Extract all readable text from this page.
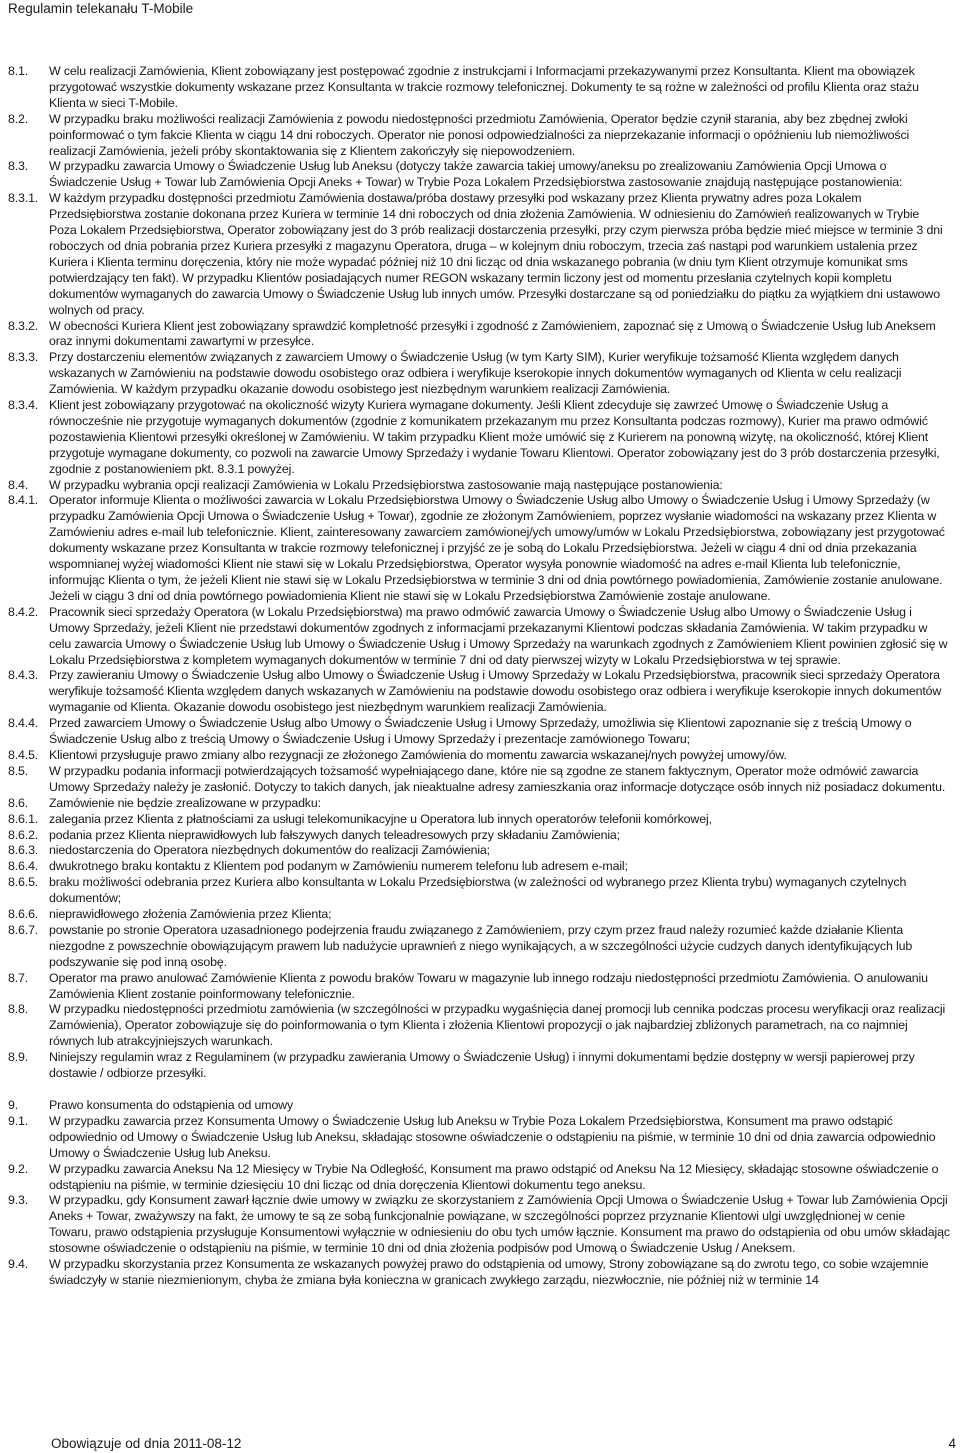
Regulamin telekanału T-Mobile
8.1.	W celu realizacji Zamówienia, Klient zobowiązany jest postępować zgodnie z instrukcjami i Informacjami przekazywanymi przez Konsultanta. Klient ma obowiązek przygotować wszystkie dokumenty wskazane przez Konsultanta w trakcie rozmowy telefonicznej. Dokumenty te są rożne w zależności od profilu Klienta oraz stażu Klienta w sieci T-Mobile.
8.2.	W przypadku braku możliwości realizacji Zamówienia z powodu niedostępności przedmiotu Zamówienia, Operator będzie czynił starania, aby bez zbędnej zwłoki poinformować o tym fakcie Klienta w ciągu 14 dni roboczych. Operator nie ponosi odpowiedzialności za nieprzekazanie informacji o opóźnieniu lub niemożliwości realizacji Zamówienia, jeżeli próby skontaktowania się z Klientem zakończyły się niepowodzeniem.
8.3.	W przypadku zawarcia Umowy o Świadczenie Usług lub Aneksu (dotyczy także zawarcia takiej umowy/aneksu po zrealizowaniu Zamówienia Opcji Umowa o Świadczenie Usług + Towar lub Zamówienia Opcji Aneks + Towar) w Trybie Poza Lokalem Przedsiębiorstwa zastosowanie znajdują następujące postanowienia:
8.3.1. W każdym przypadku dostępności przedmiotu Zamówienia dostawa/próba dostawy przesyłki pod wskazany przez Klienta prywatny adres poza Lokalem Przedsiębiorstwa zostanie dokonana przez Kuriera w terminie 14 dni roboczych od dnia złożenia Zamówienia. W odniesieniu do Zamówień realizowanych w Trybie Poza Lokalem Przedsiębiorstwa, Operator zobowiązany jest do 3 prób realizacji dostarczenia przesyłki, przy czym pierwsza próba będzie mieć miejsce w terminie 3 dni roboczych od dnia pobrania przez Kuriera przesyłki z magazynu Operatora, druga – w kolejnym dniu roboczym, trzecia zaś nastąpi pod warunkiem ustalenia przez Kuriera i Klienta terminu doręczenia, który nie może wypadać później niż 10 dni licząc od dnia wskazanego pobrania (w dniu tym Klient otrzymuje komunikat sms potwierdzający ten fakt). W przypadku Klientów posiadających numer REGON wskazany termin liczony jest od momentu przesłania czytelnych kopii kompletu dokumentów wymaganych do zawarcia Umowy o Świadczenie Usług lub innych umów. Przesyłki dostarczane są od poniedziałku do piątku za wyjątkiem dni ustawowo wolnych od pracy.
8.3.2. W obecności Kuriera Klient jest zobowiązany sprawdzić kompletność przesyłki i zgodność z Zamówieniem, zapoznać się z Umową o Świadczenie Usług lub Aneksem oraz innymi dokumentami zawartymi w przesyłce.
8.3.3. Przy dostarczeniu elementów związanych z zawarciem Umowy o Świadczenie Usług (w tym Karty SIM), Kurier weryfikuje tożsamość Klienta względem danych wskazanych w Zamówieniu na podstawie dowodu osobistego oraz odbiera i weryfikuje kserokopie innych dokumentów wymaganych od Klienta w celu realizacji Zamówienia. W każdym przypadku okazanie dowodu osobistego jest niezbędnym warunkiem realizacji Zamówienia.
8.3.4. Klient jest zobowiązany przygotować na okoliczność wizyty Kuriera wymagane dokumenty. Jeśli Klient zdecyduje się zawrzeć Umowę o Świadczenie Usług a równocześnie nie przygotuje wymaganych dokumentów (zgodnie z komunikatem przekazanym mu przez Konsultanta podczas rozmowy), Kurier ma prawo odmówić pozostawienia Klientowi przesyłki określonej w Zamówieniu. W takim przypadku Klient może umówić się z Kurierem na ponowną wizytę, na okoliczność, której Klient przygotuje wymagane dokumenty, co pozwoli na zawarcie Umowy Sprzedaży i wydanie Towaru Klientowi. Operator zobowiązany jest do 3 prób dostarczenia przesyłki, zgodnie z postanowieniem pkt. 8.3.1 powyżej.
8.4.	W przypadku wybrania opcji realizacji Zamówienia w Lokalu Przedsiębiorstwa zastosowanie mają następujące postanowienia:
8.4.1. Operator informuje Klienta o możliwości zawarcia w Lokalu Przedsiębiorstwa Umowy o Świadczenie Usług albo Umowy o Świadczenie Usług i Umowy Sprzedaży (w przypadku Zamówienia Opcji Umowa o Świadczenie Usług + Towar), zgodnie ze złożonym Zamówieniem, poprzez wysłanie wiadomości na wskazany przez Klienta w Zamówieniu adres e-mail lub telefonicznie. Klient, zainteresowany zawarciem zamówionej/ych umowy/umów w Lokalu Przedsiębiorstwa, zobowiązany jest przygotować dokumenty wskazane przez Konsultanta w trakcie rozmowy telefonicznej i przyjść ze je sobą do Lokalu Przedsiębiorstwa. Jeżeli w ciągu 4 dni od dnia przekazania wspomnianej wyżej wiadomości Klient nie stawi się w Lokalu Przedsiębiorstwa, Operator wysyła ponownie wiadomość na adres e-mail Klienta lub telefonicznie, informując Klienta o tym, że jeżeli Klient nie stawi się w Lokalu Przedsiębiorstwa w terminie 3 dni od dnia powtórnego powiadomienia, Zamówienie zostanie anulowane. Jeżeli w ciągu 3 dni od dnia powtórnego powiadomienia Klient nie stawi się w Lokalu Przedsiębiorstwa Zamówienie zostaje anulowane.
8.4.2. Pracownik sieci sprzedaży Operatora (w Lokalu Przedsiębiorstwa) ma prawo odmówić zawarcia Umowy o Świadczenie Usług albo Umowy o Świadczenie Usług i Umowy Sprzedaży, jeżeli Klient nie przedstawi dokumentów zgodnych z informacjami przekazanymi Klientowi podczas składania Zamówienia. W takim przypadku w celu zawarcia Umowy o Świadczenie Usług lub Umowy o Świadczenie Usług i Umowy Sprzedaży na warunkach zgodnych z Zamówieniem Klient powinien zgłosić się w Lokalu Przedsiębiorstwa z kompletem wymaganych dokumentów w terminie 7 dni od daty pierwszej wizyty w Lokalu Przedsiębiorstwa w tej sprawie.
8.4.3. Przy zawieraniu Umowy o Świadczenie Usług albo Umowy o Świadczenie Usług i Umowy Sprzedaży w Lokalu Przedsiębiorstwa, pracownik sieci sprzedaży Operatora weryfikuje tożsamość Klienta względem danych wskazanych w Zamówieniu na podstawie dowodu osobistego oraz odbiera i weryfikuje kserokopie innych dokumentów wymaganie od Klienta. Okazanie dowodu osobistego jest niezbędnym warunkiem realizacji Zamówienia.
8.4.4. Przed zawarciem Umowy o Świadczenie Usług albo Umowy o Świadczenie Usług i Umowy Sprzedaży, umożliwia się Klientowi zapoznanie się z treścią Umowy o Świadczenie Usług albo z treścią Umowy o Świadczenie Usług i Umowy Sprzedaży i prezentacje zamówionego Towaru;
8.4.5. Klientowi przysługuje prawo zmiany albo rezygnacji ze złożonego Zamówienia do momentu zawarcia wskazanej/nych powyżej umowy/ów.
8.5.	W przypadku podania informacji potwierdzających tożsamość wypełniającego dane, które nie są zgodne ze stanem faktycznym, Operator może odmówić zawarcia Umowy Sprzedaży należy je zasłonić. Dotyczy to takich danych, jak nieaktualne adresy zamieszkania oraz informacje dotyczące osób innych niż posiadacz dokumentu.
8.6.	Zamówienie nie będzie zrealizowane w przypadku:
8.6.1. zalegania przez Klienta z płatnościami za usługi telekomunikacyjne u Operatora lub innych operatorów telefonii komórkowej,
8.6.2. podania przez Klienta nieprawidłowych lub fałszywych danych teleadresowych przy składaniu Zamówienia;
8.6.3. niedostarczenia do Operatora niezbędnych dokumentów do realizacji Zamówienia;
8.6.4. dwukrotnego braku kontaktu z Klientem pod podanym w Zamówieniu numerem telefonu lub adresem e-mail;
8.6.5. braku możliwości odebrania przez Kuriera albo konsultanta w Lokalu Przedsiębiorstwa (w zależności od wybranego przez Klienta trybu) wymaganych czytelnych dokumentów;
8.6.6. nieprawidłowego złożenia Zamówienia przez Klienta;
8.6.7. powstanie po stronie Operatora uzasadnionego podejrzenia fraudu związanego z Zamówieniem, przy czym przez fraud należy rozumieć każde działanie Klienta niezgodne z powszechnie obowiązującym prawem lub nadużycie uprawnień z niego wynikających, a w szczególności użycie cudzych danych identyfikujących lub podszywanie się pod inną osobę.
8.7.	Operator ma prawo anulować Zamówienie Klienta z powodu braków Towaru w magazynie lub innego rodzaju niedostępności przedmiotu Zamówienia. O anulowaniu Zamówienia Klient zostanie poinformowany telefonicznie.
8.8.	W przypadku niedostępności przedmiotu zamówienia (w szczególności w przypadku wygaśnięcia danej promocji lub cennika podczas procesu weryfikacji oraz realizacji Zamówienia), Operator zobowiązuje się do poinformowania o tym Klienta i złożenia Klientowi propozycji o jak najbardziej zbliżonych parametrach, na co najmniej równych lub atrakcyjniejszych warunkach.
8.9.	Niniejszy regulamin wraz z Regulaminem (w przypadku zawierania Umowy o Świadczenie Usług) i innymi dokumentami będzie dostępny w wersji papierowej przy dostawie / odbiorze przesyłki.
9.	Prawo konsumenta do odstąpienia od umowy
9.1.	W przypadku zawarcia przez Konsumenta Umowy o Świadczenie Usług lub Aneksu w Trybie Poza Lokalem Przedsiębiorstwa, Konsument ma prawo odstąpić odpowiednio od Umowy o Świadczenie Usług lub Aneksu, składając stosowne oświadczenie o odstąpieniu na piśmie, w terminie 10 dni od dnia zawarcia odpowiednio Umowy o Świadczenie Usług lub Aneksu.
9.2.	W przypadku zawarcia Aneksu Na 12 Miesięcy w Trybie Na Odległość, Konsument ma prawo odstąpić od Aneksu Na 12 Miesięcy, składając stosowne oświadczenie o odstąpieniu na piśmie, w terminie dziesięciu 10 dni licząc od dnia doręczenia Klientowi dokumentu tego aneksu.
9.3.	W przypadku, gdy Konsument zawarł łącznie dwie umowy w związku ze skorzystaniem z Zamówienia Opcji Umowa o Świadczenie Usług + Towar lub Zamówienia Opcji Aneks + Towar, zważywszy na fakt, że umowy te są ze sobą funkcjonalnie powiązane, w szczególności poprzez przyznanie Klientowi ulgi uwzględnionej w cenie Towaru, prawo odstąpienia przysługuje Konsumentowi wyłącznie w odniesieniu do obu tych umów łącznie. Konsument ma prawo do odstąpienia od obu umów składając stosowne oświadczenie o odstąpieniu na piśmie, w terminie 10 dni od dnia złożenia podpisów pod Umową o Świadczenie Usług / Aneksem.
9.4.	W przypadku skorzystania przez Konsumenta ze wskazanych powyżej prawo do odstąpienia od umowy, Strony zobowiązane są do zwrotu tego, co sobie wzajemnie świadczyły w stanie niezmienionym, chyba że zmiana była konieczna w granicach zwykłego zarządu, niezwłocznie, nie później niż w terminie 14
Obowiązuje od dnia 2011-08-12	4
